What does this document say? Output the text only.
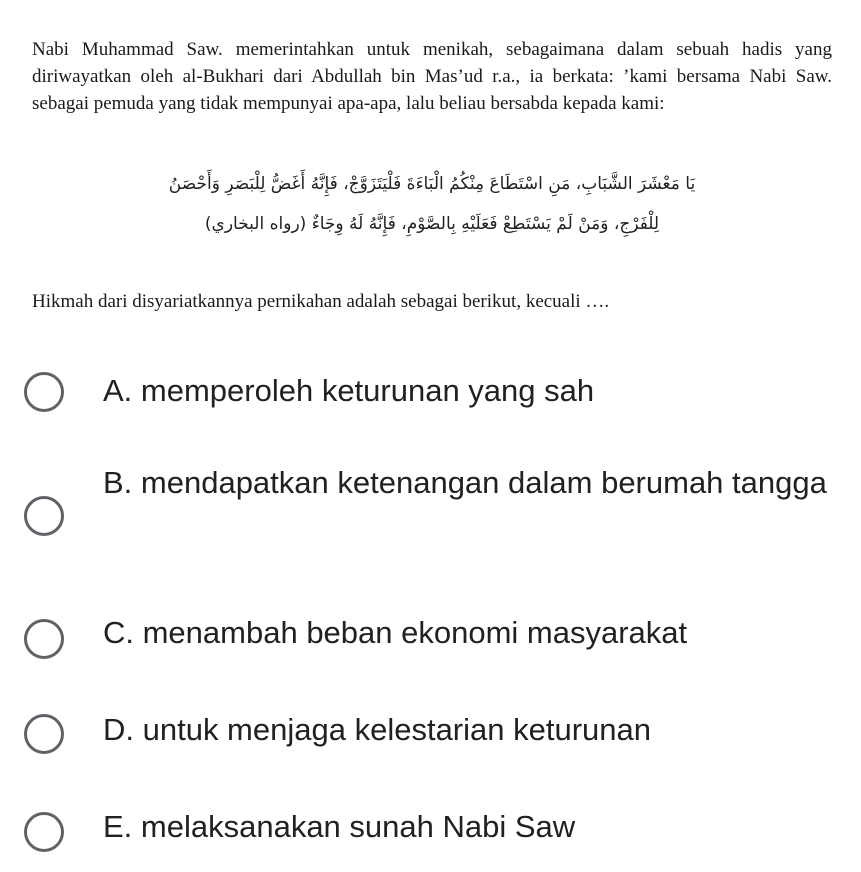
Nabi Muhammad Saw. memerintahkan untuk menikah, sebagaimana dalam sebuah hadis yang diriwayatkan oleh al-Bukhari dari Abdullah bin Mas’ud r.a., ia berkata: ’kami bersama Nabi Saw. sebagai pemuda yang tidak mempunyai apa-apa, lalu beliau bersabda kepada kami:

يَا مَعْشَرَ الشَّبَابِ، مَنِ اسْتَطَاعَ مِنْكُمُ الْبَاءَةَ فَلْيَتَزَوَّجْ، فَإِنَّهُ أَغَضُّ لِلْبَصَرِ وَأَحْصَنُ
لِلْفَرْجِ، وَمَنْ لَمْ يَسْتَطِعْ فَعَلَيْهِ بِالصَّوْمِ، فَإِنَّهُ لَهُ وِجَاءٌ (رواه البخاري)
Hikmah dari disyariatkannya pernikahan adalah sebagai berikut, kecuali ….
A. memperoleh keturunan yang sah
B. mendapatkan ketenangan dalam berumah tangga
C. menambah beban ekonomi masyarakat
D. untuk menjaga kelestarian keturunan
E. melaksanakan sunah Nabi Saw
